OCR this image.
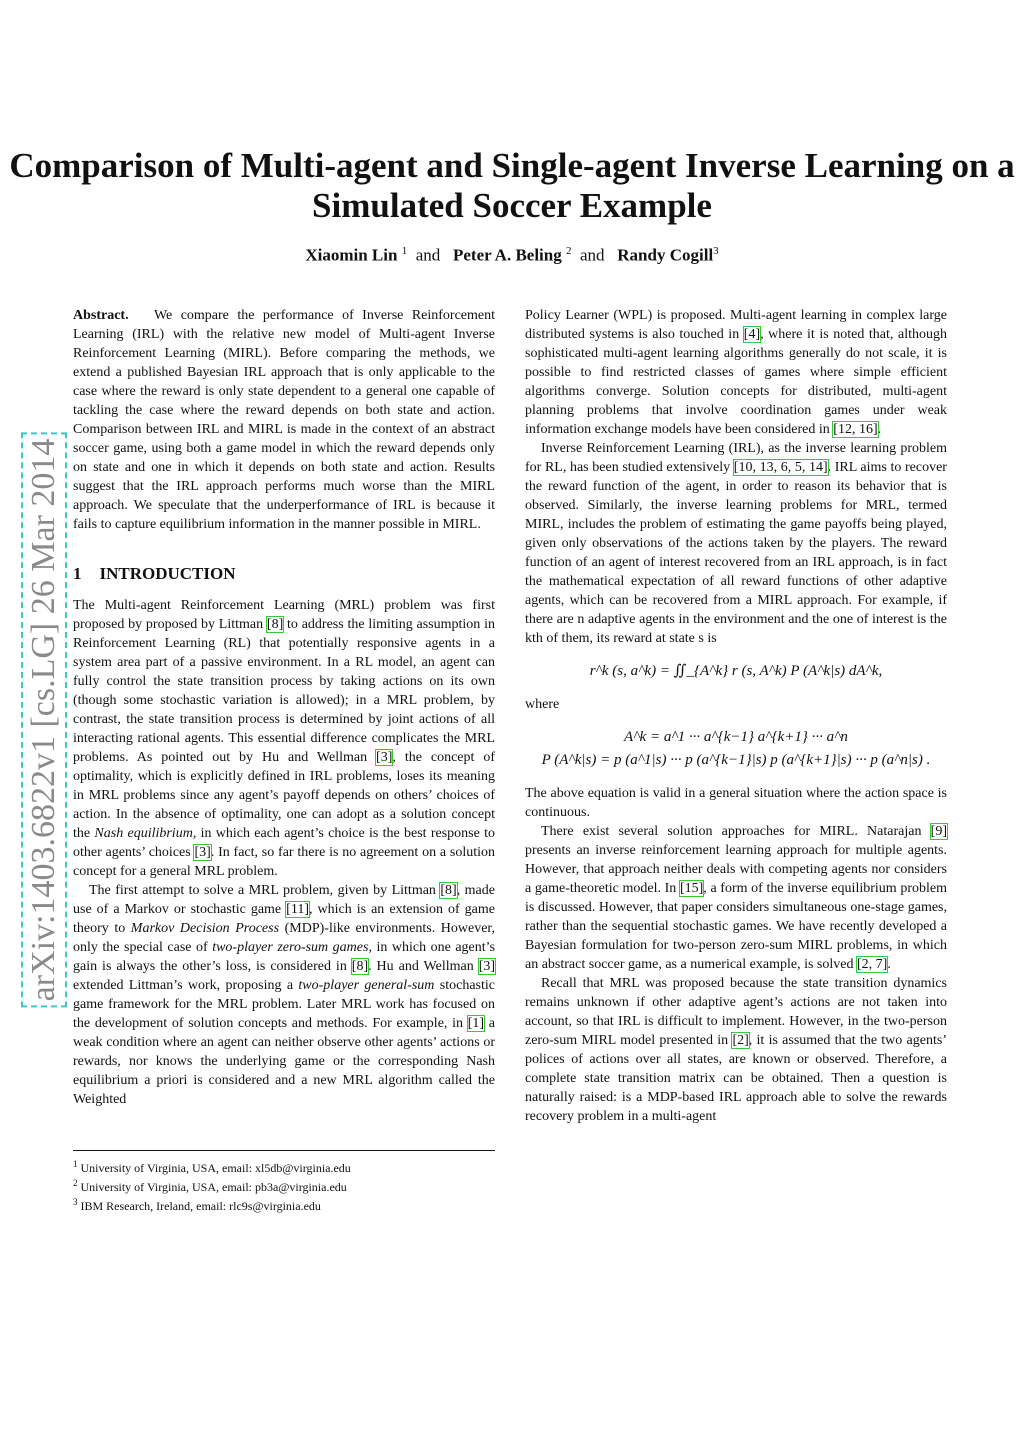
Comparison of Multi-agent and Single-agent Inverse Learning on a Simulated Soccer Example
Xiaomin Lin $^1$ and Peter A. Beling $^2$ and Randy Cogill$^3$
arXiv:1403.6822v1 [cs.LG] 26 Mar 2014

Abstract. We compare the performance of Inverse Reinforcement Learning (IRL) with the relative new model of Multi-agent Inverse Reinforcement Learning (MIRL). Before comparing the methods, we extend a published Bayesian IRL approach that is only applicable to the case where the reward is only state dependent to a general one capable of tackling the case where the reward depends on both state and action. Comparison between IRL and MIRL is made in the context of an abstract soccer game, using both a game model in which the reward depends only on state and one in which it depends on both state and action. Results suggest that the IRL approach performs much worse than the MIRL approach. We speculate that the underperformance of IRL is because it fails to capture equilibrium information in the manner possible in MIRL.

1 INTRODUCTION

The Multi-agent Reinforcement Learning (MRL) problem was first proposed by proposed by Littman [8] to address the limiting assumption in Reinforcement Learning (RL) that potentially responsive agents in a system area part of a passive environment. In a RL model, an agent can fully control the state transition process by taking actions on its own (though some stochastic variation is allowed); in a MRL problem, by contrast, the state transition process is determined by joint actions of all interacting rational agents. This essential difference complicates the MRL problems. As pointed out by Hu and Wellman [3], the concept of optimality, which is explicitly defined in IRL problems, loses its meaning in MRL problems since any agent’s payoff depends on others’ choices of action. In the absence of optimality, one can adopt as a solution concept the Nash equilibrium, in which each agent’s choice is the best response to other agents’ choices [3]. In fact, so far there is no agreement on a solution concept for a general MRL problem.

The first attempt to solve a MRL problem, given by Littman [8], made use of a Markov or stochastic game [11], which is an extension of game theory to Markov Decision Process (MDP)-like environments. However, only the special case of two-player zero-sum games, in which one agent’s gain is always the other’s loss, is considered in [8]. Hu and Wellman [3] extended Littman’s work, proposing a two-player general-sum stochastic game framework for the MRL problem. Later MRL work has focused on the development of solution concepts and methods. For example, in [1] a weak condition where an agent can neither observe other agents’ actions or rewards, nor knows the underlying game or the corresponding Nash equilibrium a priori is considered and a new MRL algorithm called the Weighted

$^1$ University of Virginia, USA, email: xl5db@virginia.edu
$^2$ University of Virginia, USA, email: pb3a@virginia.edu
$^3$ IBM Research, Ireland, email: rlc9s@virginia.edu

Policy Learner (WPL) is proposed. Multi-agent learning in complex large distributed systems is also touched in [4], where it is noted that, although sophisticated multi-agent learning algorithms generally do not scale, it is possible to find restricted classes of games where simple efficient algorithms converge. Solution concepts for distributed, multi-agent planning problems that involve coordination games under weak information exchange models have been considered in [12, 16].

Inverse Reinforcement Learning (IRL), as the inverse learning problem for RL, has been studied extensively [10, 13, 6, 5, 14]. IRL aims to recover the reward function of the agent, in order to reason its behavior that is observed. Similarly, the inverse learning problems for MRL, termed MIRL, includes the problem of estimating the game payoffs being played, given only observations of the actions taken by the players. The reward function of an agent of interest recovered from an IRL approach, is in fact the mathematical expectation of all reward functions of other adaptive agents, which can be recovered from a MIRL approach. For example, if there are n adaptive agents in the environment and the one of interest is the kth of them, its reward at state s is

r^k (s, a^k) = ∬_{A^k} r (s, A^k) P (A^k|s) dA^k,

where

A^k = a^1 ··· a^{k−1} a^{k+1} ··· a^n
P (A^k|s) = p (a^1|s) ··· p (a^{k−1}|s) p (a^{k+1}|s) ··· p (a^n|s) .

The above equation is valid in a general situation where the action space is continuous.

There exist several solution approaches for MIRL. Natarajan [9] presents an inverse reinforcement learning approach for multiple agents. However, that approach neither deals with competing agents nor considers a game-theoretic model. In [15], a form of the inverse equilibrium problem is discussed. However, that paper considers simultaneous one-stage games, rather than the sequential stochastic games. We have recently developed a Bayesian formulation for two-person zero-sum MIRL problems, in which an abstract soccer game, as a numerical example, is solved [2, 7].

Recall that MRL was proposed because the state transition dynamics remains unknown if other adaptive agent’s actions are not taken into account, so that IRL is difficult to implement. However, in the two-person zero-sum MIRL model presented in [2], it is assumed that the two agents’ polices of actions over all states, are known or observed. Therefore, a complete state transition matrix can be obtained. Then a question is naturally raised: is a MDP-based IRL approach able to solve the rewards recovery problem in a multi-agent
